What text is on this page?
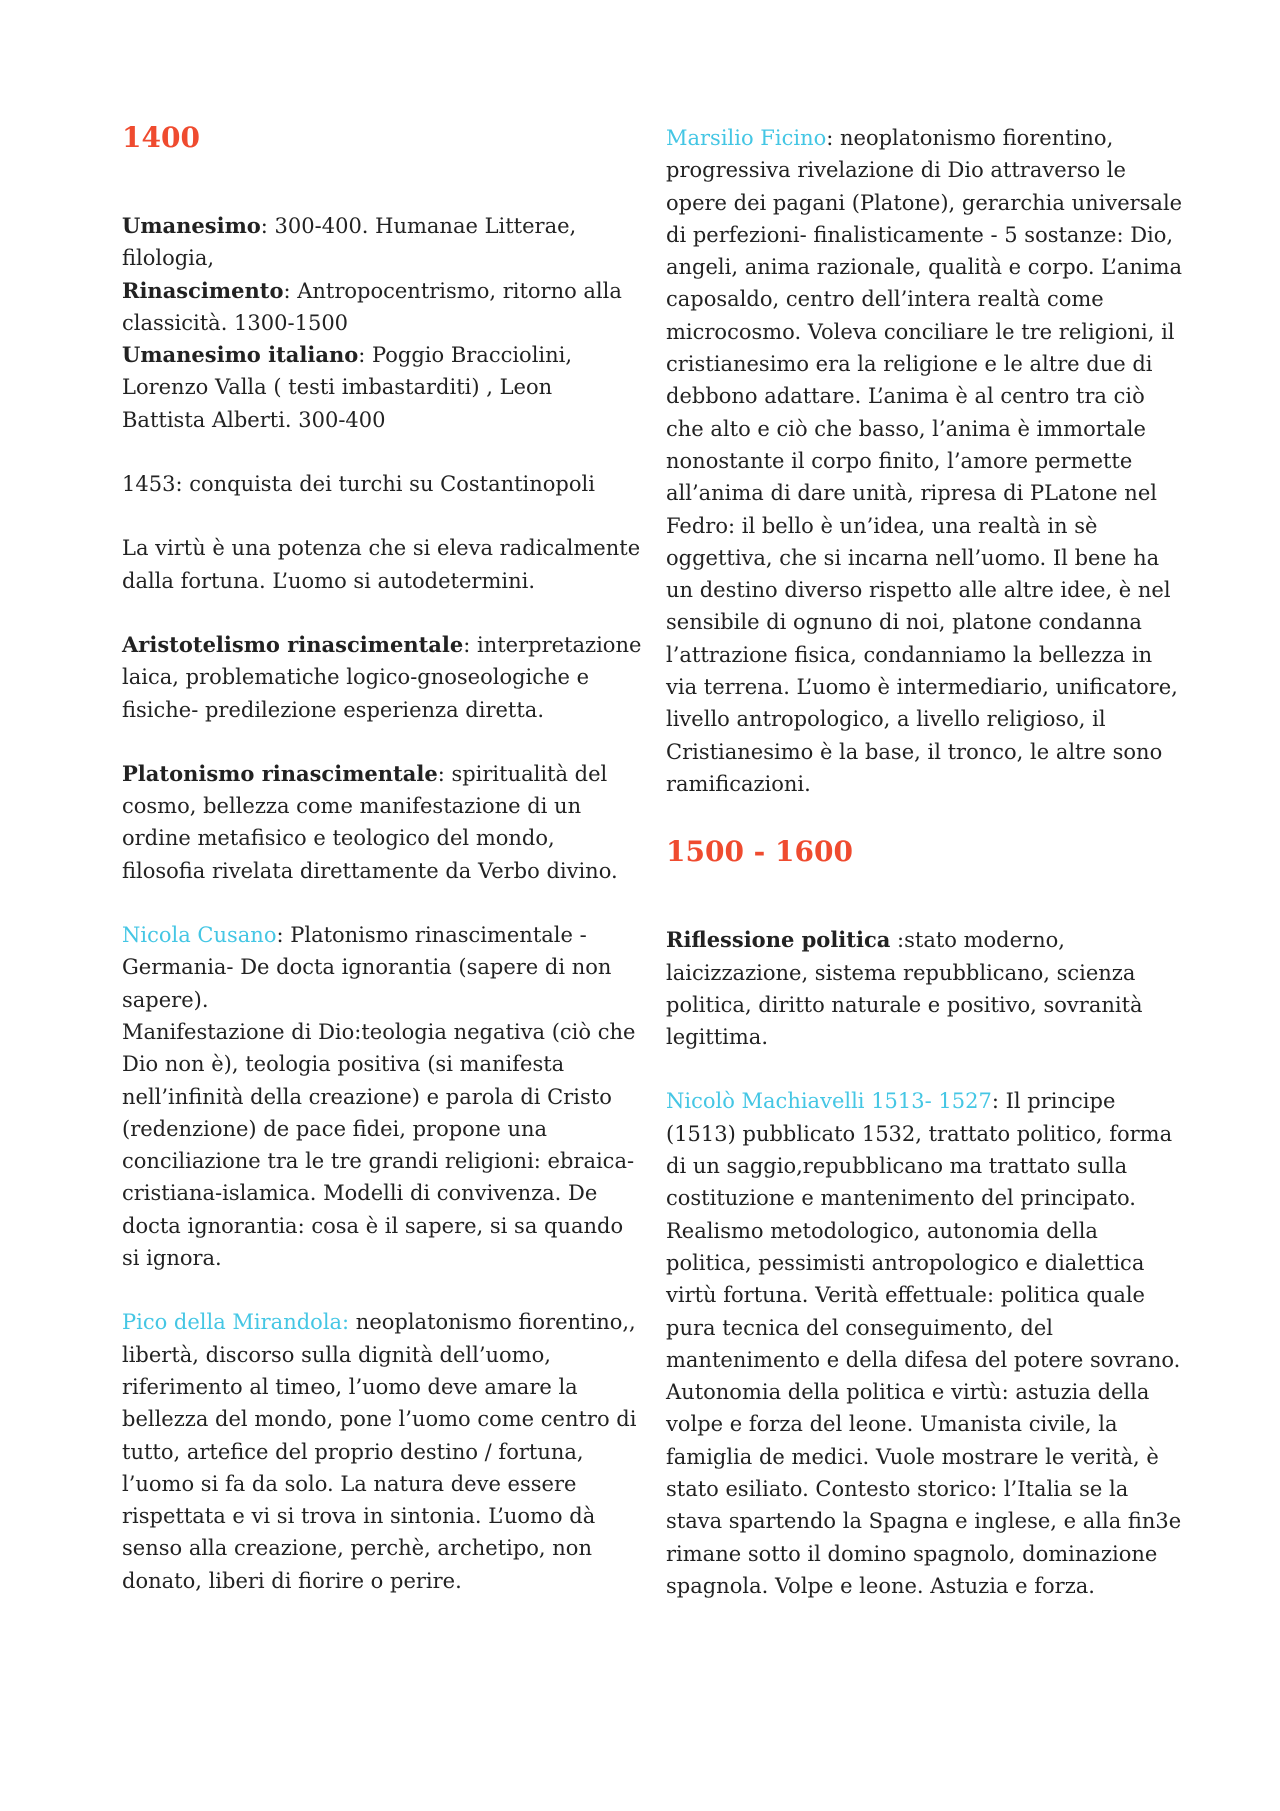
1400
Umanesimo: 300-400. Humanae Litterae, filologia,
Rinascimento: Antropocentrismo, ritorno alla classicità. 1300-1500
Umanesimo italiano: Poggio Bracciolini, Lorenzo Valla ( testi imbastarditi) , Leon Battista Alberti. 300-400
1453: conquista dei turchi su Costantinopoli
La virtù è una potenza che si eleva radicalmente dalla fortuna. L’uomo si autodetermini.
Aristotelismo rinascimentale: interpretazione laica, problematiche logico-gnoseologiche e fisiche- predilezione esperienza diretta.
Platonismo rinascimentale: spiritualità del cosmo, bellezza come manifestazione di un ordine metafisico e teologico del mondo, filosofia rivelata direttamente da Verbo divino.
Nicola Cusano: Platonismo rinascimentale - Germania- De docta ignorantia (sapere di non sapere).
Manifestazione di Dio:teologia negativa (ciò che Dio non è), teologia positiva (si manifesta nell’infinità della creazione) e parola di Cristo (redenzione) de pace fidei, propone una conciliazione tra le tre grandi religioni: ebraica-cristiana-islamica. Modelli di convivenza. De docta ignorantia: cosa è il sapere, si sa quando si ignora.
Pico della Mirandola: neoplatonismo fiorentino,, libertà, discorso sulla dignità dell’uomo, riferimento al timeo, l’uomo deve amare la bellezza del mondo, pone l’uomo come centro di tutto, artefice del proprio destino / fortuna, l’uomo si fa da solo. La natura deve essere rispettata e vi si trova in sintonia. L’uomo dà senso alla creazione, perchè, archetipo, non donato, liberi di fiorire o perire.
Marsilio Ficino: neoplatonismo fiorentino, progressiva rivelazione di Dio attraverso le opere dei pagani (Platone), gerarchia universale di perfezioni- finalisticamente - 5 sostanze: Dio, angeli, anima razionale, qualità e corpo. L’anima caposaldo, centro dell’intera realtà come microcosmo. Voleva conciliare le tre religioni, il cristianesimo era la religione e le altre due di debbono adattare. L’anima è al centro tra ciò che alto e ciò che basso, l’anima è immortale nonostante il corpo finito, l’amore permette all’anima di dare unità, ripresa di PLatone nel Fedro: il bello è un’idea, una realtà in sè oggettiva, che si incarna nell’uomo. Il bene ha un destino diverso rispetto alle altre idee, è nel sensibile di ognuno di noi, platone condanna l’attrazione fisica, condanniamo la bellezza in via terrena. L’uomo è intermediario, unificatore, livello antropologico, a livello religioso, il Cristianesimo è la base, il tronco, le altre sono ramificazioni.
1500 - 1600
Riflessione politica :stato moderno, laicizzazione, sistema repubblicano, scienza politica, diritto naturale e positivo, sovranità legittima.
Nicolò Machiavelli 1513- 1527: Il principe (1513) pubblicato 1532, trattato politico, forma di un saggio,repubblicano ma trattato sulla costituzione e mantenimento del principato. Realismo metodologico, autonomia della politica, pessimisti antropologico e dialettica virtù fortuna. Verità effettuale: politica quale pura tecnica del conseguimento, del mantenimento e della difesa del potere sovrano. Autonomia della politica e virtù: astuzia della volpe e forza del leone. Umanista civile, la famiglia de medici. Vuole mostrare le verità, è stato esiliato. Contesto storico: l’Italia se la stava spartendo la Spagna e inglese, e alla fin3e rimane sotto il domino spagnolo, dominazione spagnola. Volpe e leone. Astuzia e forza.
